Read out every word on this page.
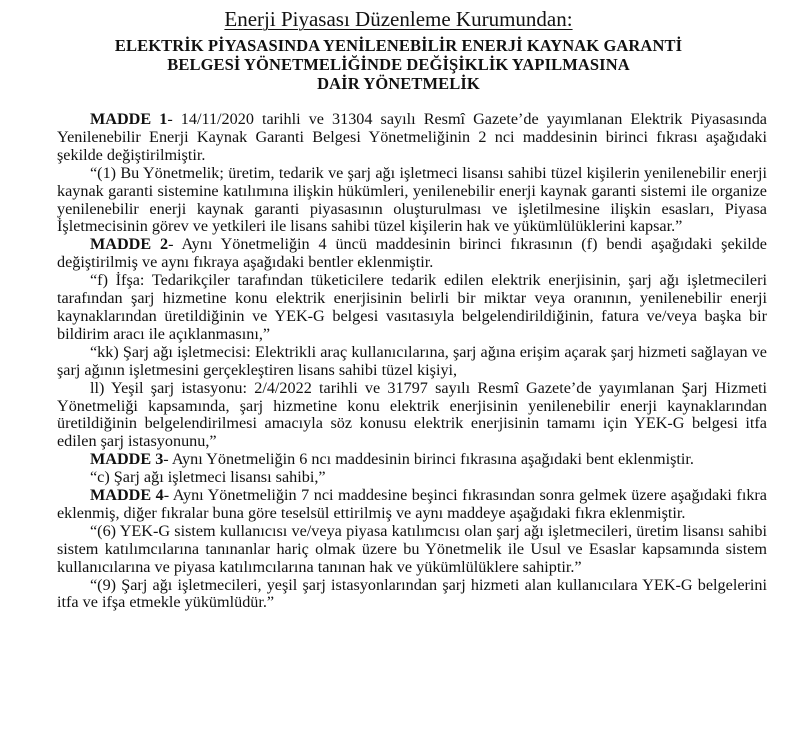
Enerji Piyasası Düzenleme Kurumundan:
ELEKTRİK PİYASASINDA YENİLENEBİLİR ENERJİ KAYNAK GARANTİ
BELGESİ YÖNETMELİĞİNDE DEĞİŞİKLİK YAPILMASINA
DAİR YÖNETMELİK

MADDE 1- 14/11/2020 tarihli ve 31304 sayılı Resmî Gazete’de yayımlanan Elektrik Piyasasında Yenilenebilir Enerji Kaynak Garanti Belgesi Yönetmeliğinin 2 nci maddesinin birinci fıkrası aşağıdaki şekilde değiştirilmiştir.

“(1) Bu Yönetmelik; üretim, tedarik ve şarj ağı işletmeci lisansı sahibi tüzel kişilerin yenilenebilir enerji kaynak garanti sistemine katılımına ilişkin hükümleri, yenilenebilir enerji kaynak garanti sistemi ile organize yenilenebilir enerji kaynak garanti piyasasının oluşturulması ve işletilmesine ilişkin esasları, Piyasa İşletmecisinin görev ve yetkileri ile lisans sahibi tüzel kişilerin hak ve yükümlülüklerini kapsar.”

MADDE 2- Aynı Yönetmeliğin 4 üncü maddesinin birinci fıkrasının (f) bendi aşağıdaki şekilde değiştirilmiş ve aynı fıkraya aşağıdaki bentler eklenmiştir.

“f) İfşa: Tedarikçiler tarafından tüketicilere tedarik edilen elektrik enerjisinin, şarj ağı işletmecileri tarafından şarj hizmetine konu elektrik enerjisinin belirli bir miktar veya oranının, yenilenebilir enerji kaynaklarından üretildiğinin ve YEK-G belgesi vasıtasıyla belgelendirildiğinin, fatura ve/veya başka bir bildirim aracı ile açıklanmasını,”

“kk) Şarj ağı işletmecisi: Elektrikli araç kullanıcılarına, şarj ağına erişim açarak şarj hizmeti sağlayan ve şarj ağının işletmesini gerçekleştiren lisans sahibi tüzel kişiyi,

ll) Yeşil şarj istasyonu: 2/4/2022 tarihli ve 31797 sayılı Resmî Gazete’de yayımlanan Şarj Hizmeti Yönetmeliği kapsamında, şarj hizmetine konu elektrik enerjisinin yenilenebilir enerji kaynaklarından üretildiğinin belgelendirilmesi amacıyla söz konusu elektrik enerjisinin tamamı için YEK-G belgesi itfa edilen şarj istasyonunu,”

MADDE 3- Aynı Yönetmeliğin 6 ncı maddesinin birinci fıkrasına aşağıdaki bent eklenmiştir.

“c) Şarj ağı işletmeci lisansı sahibi,”

MADDE 4- Aynı Yönetmeliğin 7 nci maddesine beşinci fıkrasından sonra gelmek üzere aşağıdaki fıkra eklenmiş, diğer fıkralar buna göre teselsül ettirilmiş ve aynı maddeye aşağıdaki fıkra eklenmiştir.

“(6) YEK-G sistem kullanıcısı ve/veya piyasa katılımcısı olan şarj ağı işletmecileri, üretim lisansı sahibi sistem katılımcılarına tanınanlar hariç olmak üzere bu Yönetmelik ile Usul ve Esaslar kapsamında sistem kullanıcılarına ve piyasa katılımcılarına tanınan hak ve yükümlülüklere sahiptir.”

“(9) Şarj ağı işletmecileri, yeşil şarj istasyonlarından şarj hizmeti alan kullanıcılara YEK-G belgelerini itfa ve ifşa etmekle yükümlüdür.”
